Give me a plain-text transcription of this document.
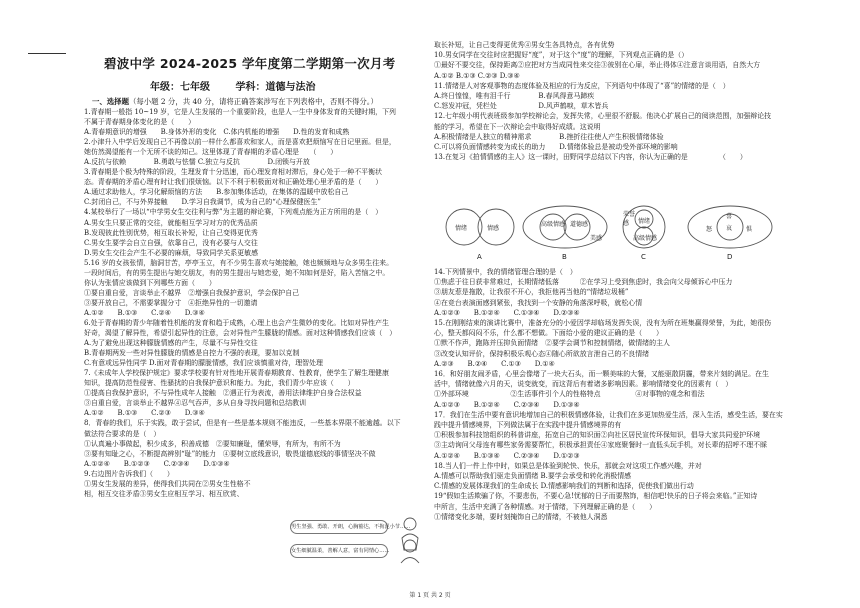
碧波中学 2024-2025 学年度第二学期第一次月考
年级：七年级	学科：道德与法治
一、选择题（每小题 2 分，共 40 分，请将正确答案涉写在下列表格中，否则不得分。）

1.青春期一般指 10~19 岁，它是人生发展的一个重要阶段，也是人一生中身体发育的关键时期，下列

不属于青春期身体变化的是（　　）

A.青春期意识的增强　　B.身体外形的变化　C.体内机能的增强　　D.性的发育和成熟

2.小津升入中学后发现自己不再像以前一样什么都喜欢和家人，而是喜欢把烦恼写在日记里面。但是，

她仿然渴望能有一个无所不谈的知己。这里体现了青春期的矛盾心理是　　（　　）

A.反抗与依赖　　　　B.勇敢与怯懦 C.独立与反抗　　　　D.闭锁与开放

3.青春期是个极为特殊的阶段，生理发育十分迅速，而心理发育相对滞后，身心处于一种不平衡状

态。青春期的矛盾心理有时让我们很烦恼。以下不利于积极面对和正确处理心里矛盾的是（　　）

A.通过求助他人，学习化解烦恼的方法　　B.参加集体活动，在集体的温暖中放松自己

C.封闭自己，不与外界接触　　D.学习自我调节，成为自己的“心理保健医生”

4.某校举行了一场以“中学男女生交往利与弊”为主题的辩论赛，下列观点能为正方所用的是（　）

A.男女生只要正常的交往，就能相互学习对方的优秀品质

B.发现彼此性别优势，相互取长补短，让自己变得更优秀

C.男女生要学会自立自强，依靠自己，没有必要与人交往

D.男女生交往会产生不必要的麻烦，导致同学关系更敏感

5.16 岁的女孩张情，脑洞甘苦，亭亭玉立，有不少男生喜欢与她接触，她也频频地与众多男生往来。

一段时间后，有的男生提出与她交朋友，有的男生提出与她恋爱，她不知如何是好，陷入苦恼之中。

你认为张情应该做到下列哪些方面（　　）

①要自重自爱，言谈举止不越界　②增强自我保护意识，学会保护自己

③要开放自己，不需要掌握分寸　④拒绝异性的一切邀请

A.①②　　B.①③　　C.②④　　D.③④

6.处于青春期的青少年随着性机能的发育和趋于成熟，心理上也会产生微妙的变化。比如对异性产生

好奇，渴望了解异性，希望引起异性的注意，会对异性产生朦胧的情感。面对这种情感我们应该（　）

A.为了避免出现这种朦胧情感的产生，尽量不与异性交往

B.青春期两发一些对异性朦胧的情感是自控力不强的表现，要加以克制

C.有意或远异性同学 D.面对青春期的朦胧情感，我们应该慎重对待，理智处理

7.《未成年人学校保护规定》要求学校要有针对性地开展青春期教育、性教育，使学生了解生理健康

知识，提高防范性侵害、性骚扰的自我保护意识和能力。为此，我们青少年应该（　　）

①提高自我保护意识，不与异性成年人接触　②遇正行为表流，善用法律维护自身合法权益

③自重自爱，言谈举止不越界④忍气吞声，多从自身寻找问题和总结教训

A.①②　　B.①③　　C.②③　　D.③④

8．青春的我们，乐于实践，敢于尝试，但是有一些是基本规则不能违反，一些基本界限不能逾越。以下

做法符合要求的是（　）

①认真遍小事做起，积少成多，积善成德　②要知廉耻，懂荣辱，有所为，有所不为

③要有知耻之心，不断提高辨别“耻”的能力　④要树立底线意识，敬畏道德底线的事情坚决不做

A.①②④　　B.①②③　　C.②③④　　D.①③④

9.右边图片告诉我们（　　）

①男女生发展的差异，使得我们共同在②男女生性格不

相，相互交往矛盾③男女生应相互学习、相互欣赏、

取长补短，让自己变得更优秀④男女生各具特点，各有优势

10.男女同学在交往时应把握好“度”，对于这个“度”的理解，下列观点正确的是（）

①最好不要交往，保持距离②应把对方当成同性来交往③彼别在心扉，举止得体④注意言谈用语，自然大方

A.①② B.①③ C.②③ D.③④

11.情绪是人对客观事物的态度体验及相应的行为反应，下列语句中体现了“喜”的情绪的是（　）

A.终日惶惶，唯有泪千行　　　　B.春风得意马蹄疾

C.怒发冲冠，凭栏处　　　　　　D.风声鹤唳，草木皆兵

12.七年级小明代表班级参加学校辩论会，发挥失常，心里很不舒服。他决心扩展自己的阅读范围，加强辩论技

能的学习，希望在下一次辩论会中取得好成绩。这说明

A.积极情绪是人独立的精神需求　　　　B.挫折往往使人产生积极情绪体验

C.可以将负面情感转变为成长的助力　　D.情绪体验总是被动受外部环境的影响

13.在复习《拍情情感的主人》这一课时，田野同学总结以下内容，你认为正确的是　　　　　（　　）

情绪	情感
高级情感 道德感
美感
荣誉感	情绪
高级情感
喜
怒 哀 惧
A	B	C	D

14.下列情景中，我的情绪管理合理的是（　）

①焦虑于往日获非常难过，长期情绪低落　　　②在学习上受到焦虑时，我会向父母倾诉心中压力

③朋友惹是拖散，让我很不开心，我拒他再当他的“情绪垃圾桶”

④在竞台表演面感到紧张，我找到一个安静的角落深呼吸，就松心情

A.①②③　　B.①②④　　C.①③④　　D.②③④

15.在刚刚结束的演讲比赛中，准备充分的小爱因学却临场发挥失误，没有为所在班集赢得荣誉，为此，她很伤

心，整天都闷闷不乐，什么都不想做。下面给小爱的建议正确的是（　　）

①默不作声，跑陈并压抑负面情绪　②要学会调节和控制情绪，做情绪的主人

③改变认知评价，保持积极乐观心态④随心所欲放言泄自己的不良情绪

A.②③　　B.②④　　C.①③　　D.①④

16．和好朋友闹矛盾，心里会像堵了一块大石头，而一颗美味的大餐，又能驱散阴霾，带来片刻的满足。在生

活中，情绪就像六月的天，说变就变，而这背后有着诸多影响因素。影响情绪变化的因素有（　）

①外部环境　　　　　　②生活事件引个人的性格特点　　　　　④对事物的观念和看法

A.①②③　　B.①②④　　C.②③④　　D.①③④

17．我们在生活中要有意识地增加自己的积极情感体验，让我们在多更加热爱生活，深入生活，感受生活，要在实

践中提升情感境界，下列做法属于在实践中提升情感境界的有

①积极参加科技馆组织的科普讲座，拓宽自己的知识面②向社区居民宣传环保知识，倡导大家共同爱护环境

③主动询问父母连有哪些家务需要帮忙，积极承担责任④家庭聚餐时一直低头玩手机，对长辈的招呼不理不睬

A.①②④　　B.①③④　　C.②③④　　D.①②③

18.当人们一件上作中时，如果总是体验到轮快、快乐，那就会对这项工作感兴趣，并对

A.情感可以帮助我们驱走负面情绪 B.要学会承受和转化消极情感

C.情感的发展体现我们的生命成长 D.情感影响我们的判断和选择，促使我们做出行动

19“假如生活欺骗了你，不要悲伤，不要心急!忧郁的日子而要熬饰，相信吧!快乐的日子将会来临。”正知诗

中所言，生活中充满了各种情感。对于情绪，下列理解正确的是（　　）

①情绪变化多端，要时刻掩饰自己的情绪，不被他人洞悉

男生坚强、勇敢、开朗，心胸豁达，不拘泥小节……
女生细腻温柔，善解人意，富有同情心……
第 1 页 共 2 页
